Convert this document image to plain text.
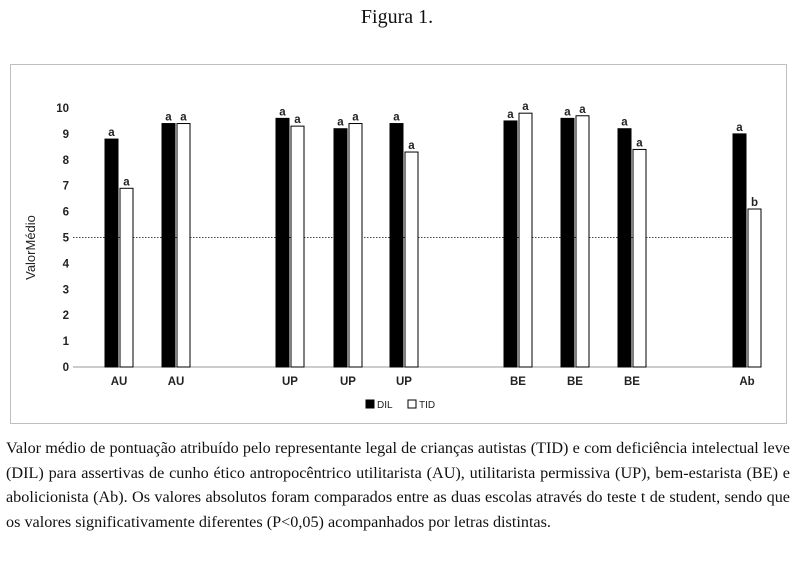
Figura 1.
ValorMédio
0
1
2
3
4
5
6
7
8
9
10
a
a
AU
a a
AU
a
a
UP
a a
UP
a
a
UP
a
a
BE
a a
BE
a
a
BE
a
b
Ab
DIL	TID
Valor médio de pontuação atribuído pelo representante legal de crianças autistas (TID) e com deficiência intelectual leve (DIL) para assertivas de cunho ético antropocêntrico utilitarista (AU), utilitarista permissiva (UP), bem-estarista (BE) e abolicionista (Ab). Os valores absolutos foram comparados entre as duas escolas através do teste t de student, sendo que os valores significativamente diferentes (P<0,05) acompanhados por letras distintas.
